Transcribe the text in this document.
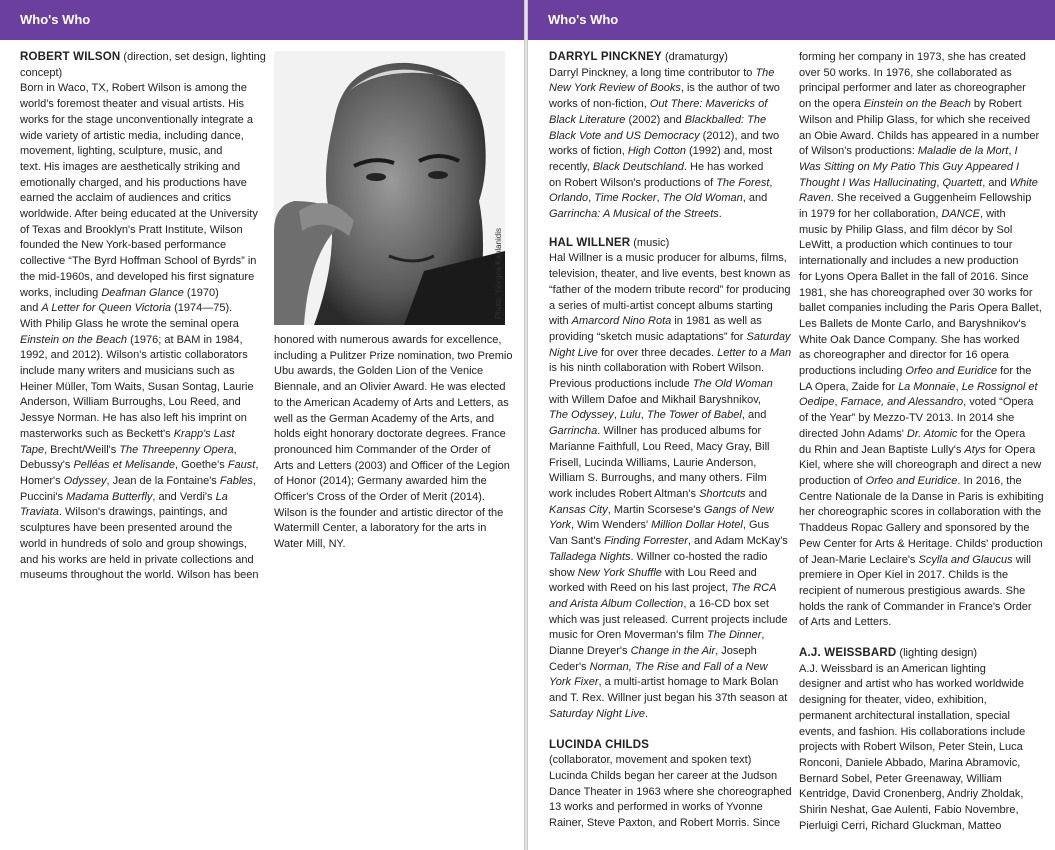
Who's Who
Photo: Yiorgos Kaplanidis

ROBERT WILSON (direction, set design, lighting concept)

Born in Waco, TX, Robert Wilson is among the

world's foremost theater and visual artists. His

works for the stage unconventionally integrate a

wide variety of artistic media, including dance,

movement, lighting, sculpture, music, and

text. His images are aesthetically striking and

emotionally charged, and his productions have

earned the acclaim of audiences and critics

worldwide. After being educated at the University

of Texas and Brooklyn's Pratt Institute, Wilson

founded the New York-based performance

collective “The Byrd Hoffman School of Byrds” in

the mid-1960s, and developed his first signature

works, including Deafman Glance (1970)

and A Letter for Queen Victoria (1974—75).

With Philip Glass he wrote the seminal opera

Einstein on the Beach (1976; at BAM in 1984,

1992, and 2012). Wilson's artistic collaborators

include many writers and musicians such as

Heiner Müller, Tom Waits, Susan Sontag, Laurie

Anderson, William Burroughs, Lou Reed, and

Jessye Norman. He has also left his imprint on

masterworks such as Beckett's Krapp's Last

Tape, Brecht/Weill's The Threepenny Opera,

Debussy's Pelléas et Melisande, Goethe's Faust,

Homer's Odyssey, Jean de la Fontaine's Fables,

Puccini's Madama Butterfly, and Verdi's La

Traviata. Wilson's drawings, paintings, and

sculptures have been presented around the

world in hundreds of solo and group showings,

and his works are held in private collections and

museums throughout the world. Wilson has been

honored with numerous awards for excellence,

including a Pulitzer Prize nomination, two Premio

Ubu awards, the Golden Lion of the Venice

Biennale, and an Olivier Award. He was elected

to the American Academy of Arts and Letters, as

well as the German Academy of the Arts, and

holds eight honorary doctorate degrees. France

pronounced him Commander of the Order of

Arts and Letters (2003) and Officer of the Legion

of Honor (2014); Germany awarded him the

Officer's Cross of the Order of Merit (2014).

Wilson is the founder and artistic director of the

Watermill Center, a laboratory for the arts in

Water Mill, NY.

Who's Who

DARRYL PINCKNEY (dramaturgy)

Darryl Pinckney, a long time contributor to The

New York Review of Books, is the author of two

works of non-fiction, Out There: Mavericks of

Black Literature (2002) and Blackballed: The

Black Vote and US Democracy (2012), and two

works of fiction, High Cotton (1992) and, most

recently, Black Deutschland. He has worked

on Robert Wilson's productions of The Forest,

Orlando, Time Rocker, The Old Woman, and

Garrincha: A Musical of the Streets.

HAL WILLNER (music)

Hal Willner is a music producer for albums, films,

television, theater, and live events, best known as

“father of the modern tribute record” for producing

a series of multi-artist concept albums starting

with Amarcord Nino Rota in 1981 as well as

providing “sketch music adaptations” for Saturday

Night Live for over three decades. Letter to a Man

is his ninth collaboration with Robert Wilson.

Previous productions include The Old Woman

with Willem Dafoe and Mikhail Baryshnikov,

The Odyssey, Lulu, The Tower of Babel, and

Garrincha. Willner has produced albums for

Marianne Faithfull, Lou Reed, Macy Gray, Bill

Frisell, Lucinda Williams, Laurie Anderson,

William S. Burroughs, and many others. Film

work includes Robert Altman's Shortcuts and

Kansas City, Martin Scorsese's Gangs of New

York, Wim Wenders' Million Dollar Hotel, Gus

Van Sant's Finding Forrester, and Adam McKay's

Talladega Nights. Willner co-hosted the radio

show New York Shuffle with Lou Reed and

worked with Reed on his last project, The RCA

and Arista Album Collection, a 16-CD box set

which was just released. Current projects include

music for Oren Moverman's film The Dinner,

Dianne Dreyer's Change in the Air, Joseph

Ceder's Norman, The Rise and Fall of a New

York Fixer, a multi-artist homage to Mark Bolan

and T. Rex. Willner just began his 37th season at

Saturday Night Live.

LUCINDA CHILDS

(collaborator, movement and spoken text)

Lucinda Childs began her career at the Judson

Dance Theater in 1963 where she choreographed

13 works and performed in works of Yvonne

Rainer, Steve Paxton, and Robert Morris. Since

forming her company in 1973, she has created

over 50 works. In 1976, she collaborated as

principal performer and later as choreographer

on the opera Einstein on the Beach by Robert

Wilson and Philip Glass, for which she received

an Obie Award. Childs has appeared in a number

of Wilson's productions: Maladie de la Mort, I

Was Sitting on My Patio This Guy Appeared I

Thought I Was Hallucinating, Quartett, and White

Raven. She received a Guggenheim Fellowship

in 1979 for her collaboration, DANCE, with

music by Philip Glass, and film décor by Sol

LeWitt, a production which continues to tour

internationally and includes a new production

for Lyons Opera Ballet in the fall of 2016. Since

1981, she has choreographed over 30 works for

ballet companies including the Paris Opera Ballet,

Les Ballets de Monte Carlo, and Baryshnikov's

White Oak Dance Company. She has worked

as choreographer and director for 16 opera

productions including Orfeo and Euridice for the

LA Opera, Zaide for La Monnaie, Le Rossignol et

Oedipe, Farnace, and Alessandro, voted “Opera

of the Year” by Mezzo-TV 2013. In 2014 she

directed John Adams' Dr. Atomic for the Opera

du Rhin and Jean Baptiste Lully's Atys for Opera

Kiel, where she will choreograph and direct a new

production of Orfeo and Euridice. In 2016, the

Centre Nationale de la Danse in Paris is exhibiting

her choreographic scores in collaboration with the

Thaddeus Ropac Gallery and sponsored by the

Pew Center for Arts & Heritage. Childs' production

of Jean-Marie Leclaire's Scylla and Glaucus will

premiere in Oper Kiel in 2017. Childs is the

recipient of numerous prestigious awards. She

holds the rank of Commander in France's Order

of Arts and Letters.

A.J. WEISSBARD (lighting design)

A.J. Weissbard is an American lighting

designer and artist who has worked worldwide

designing for theater, video, exhibition,

permanent architectural installation, special

events, and fashion. His collaborations include

projects with Robert Wilson, Peter Stein, Luca

Ronconi, Daniele Abbado, Marina Abramovic,

Bernard Sobel, Peter Greenaway, William

Kentridge, David Cronenberg, Andriy Zholdak,

Shirin Neshat, Gae Aulenti, Fabio Novembre,

Pierluigi Cerri, Richard Gluckman, Matteo
